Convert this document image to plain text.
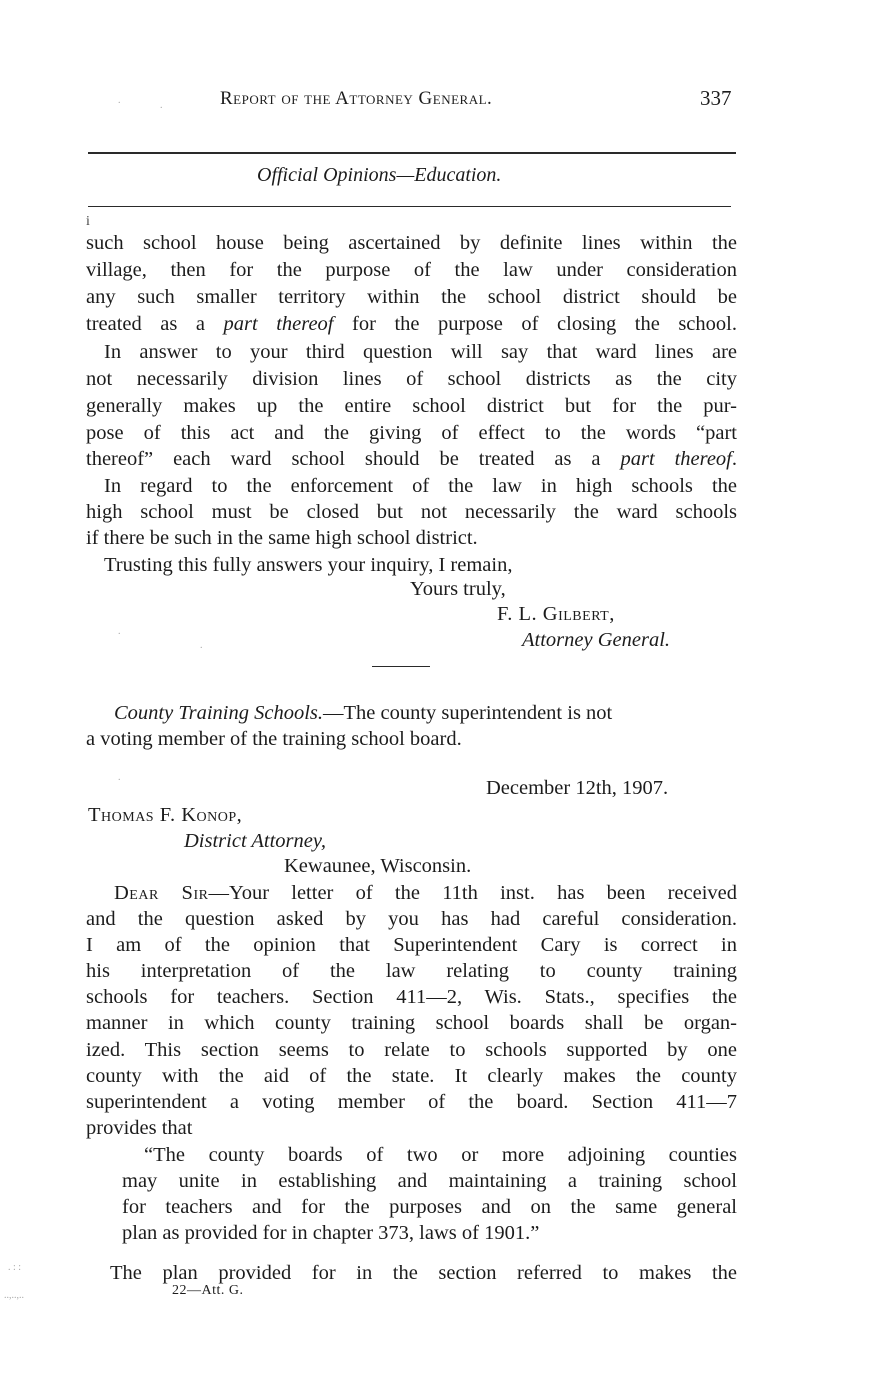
Report of the Attorney General.	337
Official Opinions—Education.
i
such school house being ascertained by definite lines within the
village, then for the purpose of the law under consideration
any such smaller territory within the school district should be
treated as a part thereof for the purpose of closing the school.
In answer to your third question will say that ward lines are
not necessarily division lines of school districts as the city
generally makes up the entire school district but for the pur-
pose of this act and the giving of effect to the words “part
thereof” each ward school should be treated as a part thereof.
In regard to the enforcement of the law in high schools the
high school must be closed but not necessarily the ward schools
if there be such in the same high school district.
Trusting this fully answers your inquiry, I remain,
Yours truly,
F. L. Gilbert,
Attorney General.
County Training Schools.—The county superintendent is not
a voting member of the training school board.
December 12th, 1907.
Thomas F. Konop,
District Attorney,
Kewaunee, Wisconsin.
Dear Sir—Your letter of the 11th inst. has been received
and the question asked by you has had careful consideration.
I am of the opinion that Superintendent Cary is correct in
his interpretation of the law relating to county training
schools for teachers. Section 411—2, Wis. Stats., specifies the
manner in which county training school boards shall be organ-
ized. This section seems to relate to schools supported by one
county with the aid of the state. It clearly makes the county
superintendent a voting member of the board. Section 411—7
provides that
“The county boards of two or more adjoining counties
may unite in establishing and maintaining a training school
for teachers and for the purposes and on the same general
plan as provided for in chapter 373, laws of 1901.”
The plan provided for in the section referred to makes the
22—Att. G.
.	.
.
.
.
. : :
..,..,..
